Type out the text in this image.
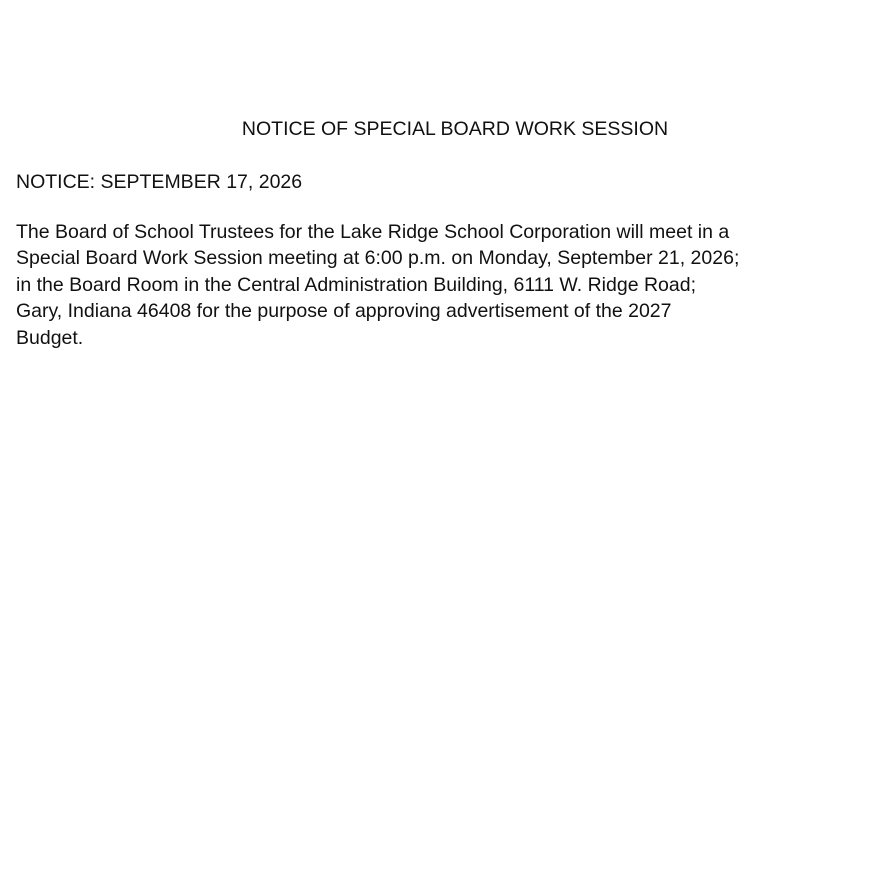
NOTICE OF SPECIAL BOARD WORK SESSION
NOTICE: SEPTEMBER 17, 2026
The Board of School Trustees for the Lake Ridge School Corporation will meet in a
Special Board Work Session meeting at 6:00 p.m. on Monday, September 21, 2026;
in the Board Room in the Central Administration Building, 6111 W. Ridge Road;
Gary, Indiana 46408 for the purpose of approving advertisement of the 2027
Budget.
